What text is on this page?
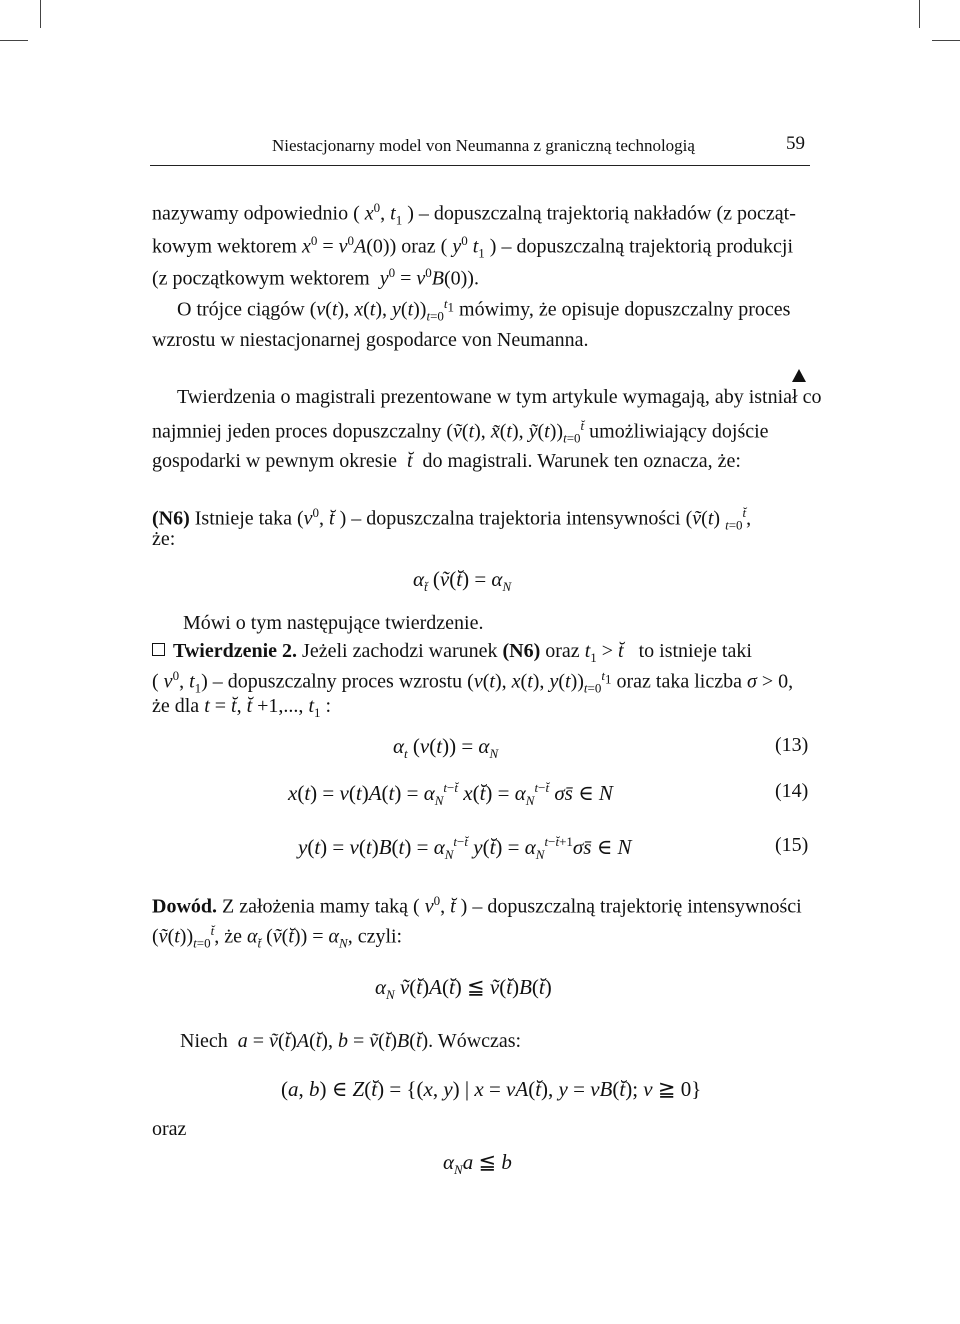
Niestacjonarny model von Neumanna z graniczną technologią	59
nazywamy odpowiednio ( $x^0$, $t_1$ ) – dopuszczalną trajektorią nakładów (z począt-
kowym wektorem $x^0 = v^0A(0)$) oraz ( $y^0$ $t_1$ ) – dopuszczalną trajektorią produkcji
(z początkowym wektorem  $y^0 = v^0B(0)$).
O trójce ciągów (v(t), x(t), $y(t))_{t=0}^{t_1}$ mówimy, że opisuje dopuszczalny proces
wzrostu w niestacjonarnej gospodarce von Neumanna.
Twierdzenia o magistrali prezentowane w tym artykule wymagają, aby istniał co
najmniej jeden proces dopuszczalny (ṽ(t), x̃(t), $ỹ(t))_{t=0}^{t̆}$ umożliwiający dojście
gospodarki w pewnym okresie t̆ do magistrali. Warunek ten oznacza, że:
(N6) Istnieje taka ($v^0$, t̆ ) – dopuszczalna trajektoria intensywności (ṽ(t) $_{t=0}^{t̆}$,
że:
$\alpha_{t̆}$ (ṽ(t̆) = $\alpha_N$
Mówi o tym następujące twierdzenie.
Twierdzenie 2. Jeżeli zachodzi warunek (N6) oraz $t_1$ > t̆ to istnieje taki
( $v^0$, $t_1$) – dopuszczalny proces wzrostu (v(t), x(t), $y(t))_{t=0}^{t_1}$ oraz taka liczba σ > 0,
że dla t = t̆, t̆ +1,..., $t_1$ :
$\alpha_t$ $(v(t)) = \alpha_N$	(13)
$x(t) = v(t)A(t) = \alpha_N^{t-t̆}$ x(t̆) = $\alpha_N^{t-t̆}$ σs̄ ∈ N	(14)
$y(t) = v(t)B(t) = \alpha_N^{t-t̆}$ y(t̆) = $\alpha_N^{t-t̆+1}\sigma s̄$ ∈ N	(15)
Dowód. Z założenia mamy taką ( $v^0$, t̆ ) – dopuszczalną trajektorię intensywności
$(ṽ(t))_{t=0}^{t̆}$, że $\alpha_{t̆}$ (ṽ(t̆)) = $\alpha_N$, czyli:
$\alpha_N$ ṽ(t̆)A(t̆) ≦ ṽ(t̆)B(t̆)
Niech a = ṽ(t̆)A(t̆), b = ṽ(t̆)B(t̆). Wówczas:
(a, b) ∈ Z(t̆) = {(x, y) | x = vA(t̆), y = vB(t̆); v ≧ 0}
oraz
$\alpha_Na$ ≦ b
